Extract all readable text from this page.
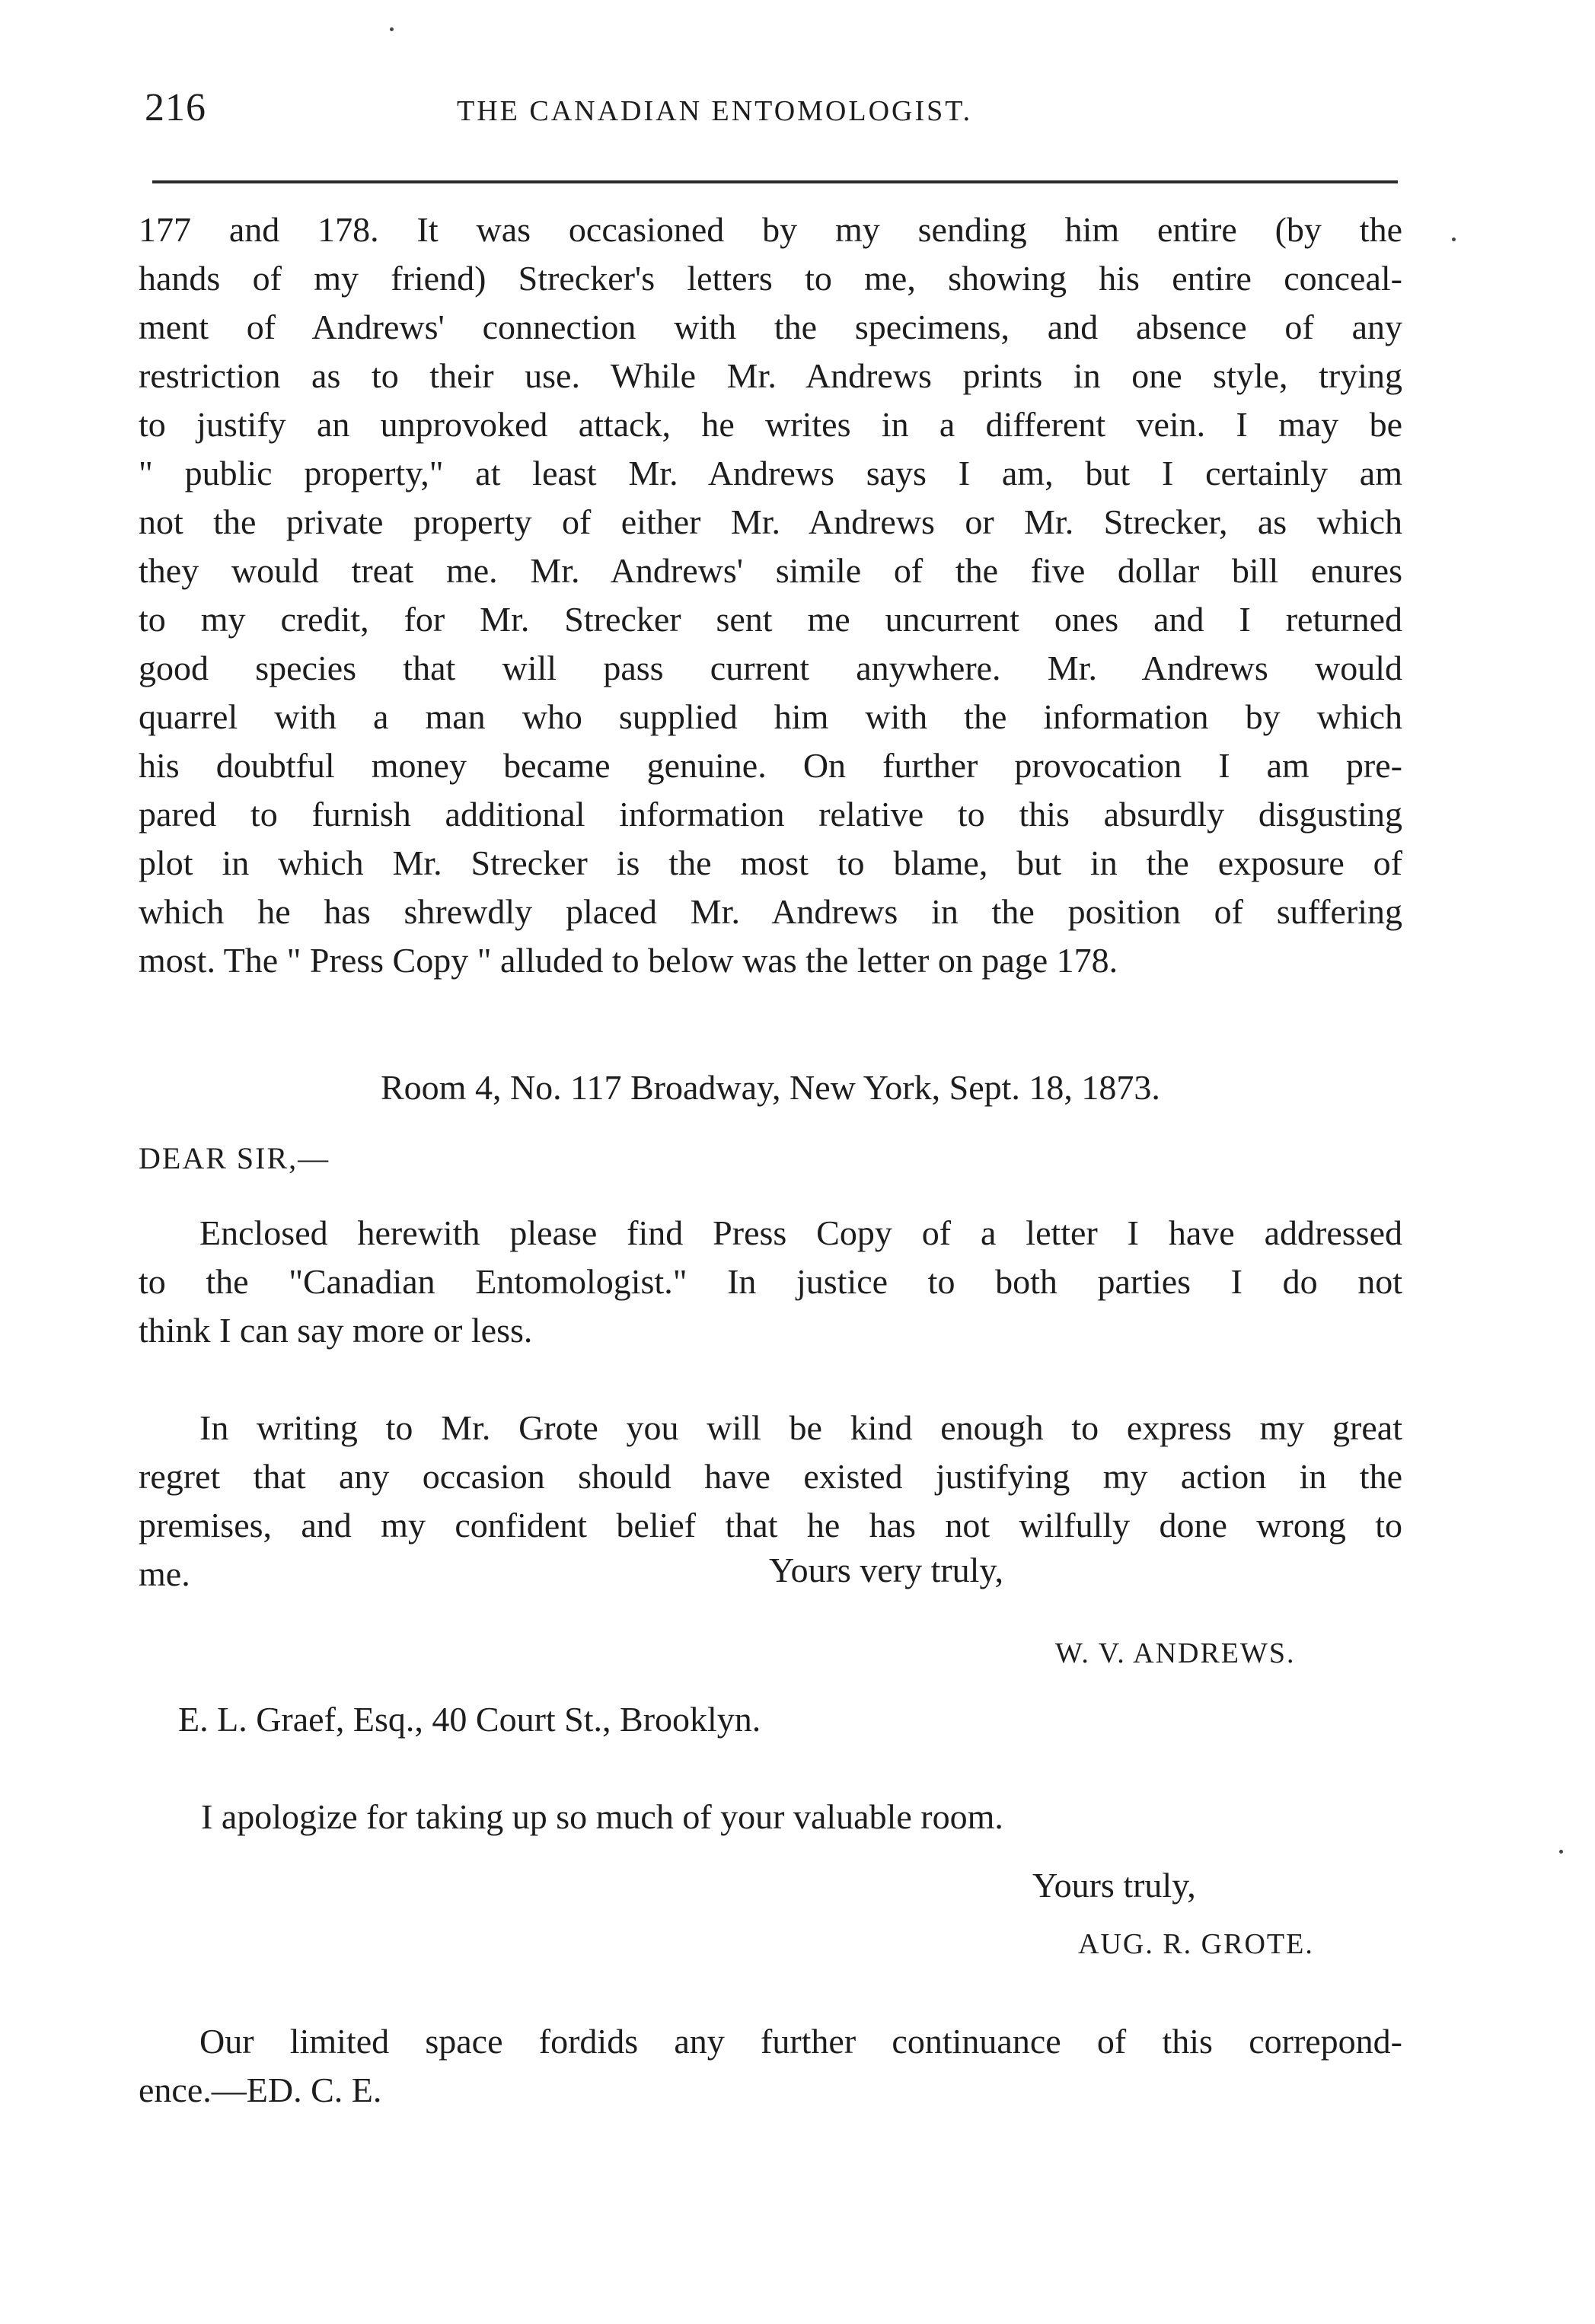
216	THE CANADIAN ENTOMOLOGIST.
177 and 178. It was occasioned by my sending him entire (by the
hands of my friend) Strecker's letters to me, showing his entire conceal-
ment of Andrews' connection with the specimens, and absence of any
restriction as to their use. While Mr. Andrews prints in one style, trying
to justify an unprovoked attack, he writes in a different vein. I may be
" public property," at least Mr. Andrews says I am, but I certainly am
not the private property of either Mr. Andrews or Mr. Strecker, as which
they would treat me. Mr. Andrews' simile of the five dollar bill enures
to my credit, for Mr. Strecker sent me uncurrent ones and I returned
good species that will pass current anywhere. Mr. Andrews would
quarrel with a man who supplied him with the information by which
his doubtful money became genuine. On further provocation I am pre-
pared to furnish additional information relative to this absurdly disgusting
plot in which Mr. Strecker is the most to blame, but in the exposure of
which he has shrewdly placed Mr. Andrews in the position of suffering
most. The " Press Copy " alluded to below was the letter on page 178.
Room 4, No. 117 Broadway, New York, Sept. 18, 1873.
DEAR SIR,—
Enclosed herewith please find Press Copy of a letter I have addressed
to the "Canadian Entomologist." In justice to both parties I do not
think I can say more or less.
In writing to Mr. Grote you will be kind enough to express my great
regret that any occasion should have existed justifying my action in the
premises, and my confident belief that he has not wilfully done wrong to
me.	Yours very truly,
W. V. ANDREWS.
E. L. Graef, Esq., 40 Court St., Brooklyn.
I apologize for taking up so much of your valuable room.
Yours truly,
AUG. R. GROTE.
Our limited space fordids any further continuance of this correpond-
ence.—ED. C. E.
